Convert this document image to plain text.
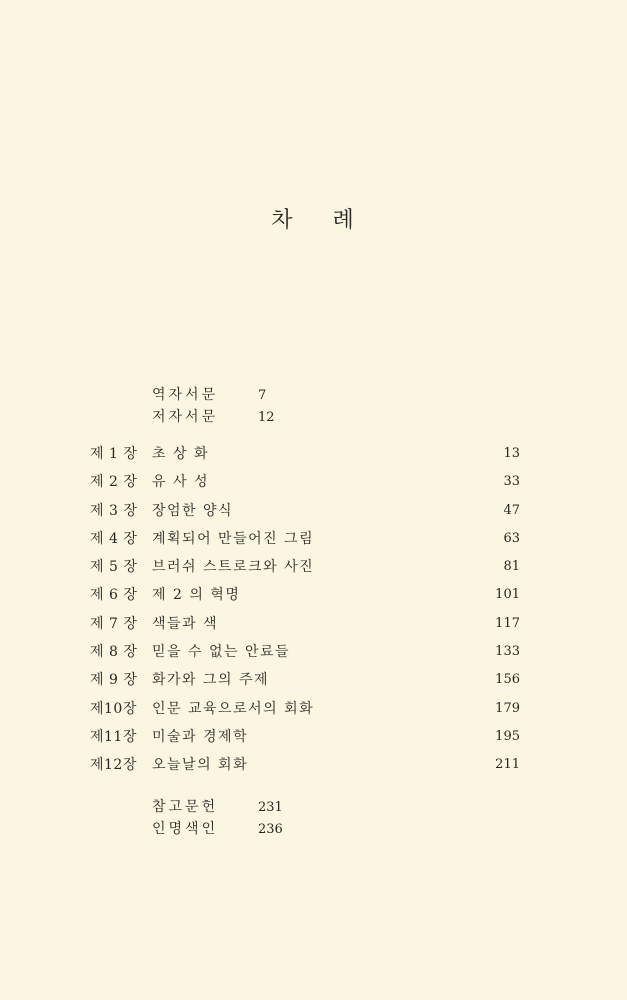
차 례
역자서문	7
저자서문	12
제 1 장	초 상 화	13
제 2 장	유 사 성	33
제 3 장	장엄한 양식	47
제 4 장	계획되어 만들어진 그림	63
제 5 장	브러쉬 스트로크와 사진	81
제 6 장	제 2 의 혁명	101
제 7 장	색들과 색	117
제 8 장	믿을 수 없는 안료들	133
제 9 장	화가와 그의 주제	156
제10장	인문 교육으로서의 회화	179
제11장	미술과 경제학	195
제12장	오늘날의 회화	211
참고문헌	231
인명색인	236
